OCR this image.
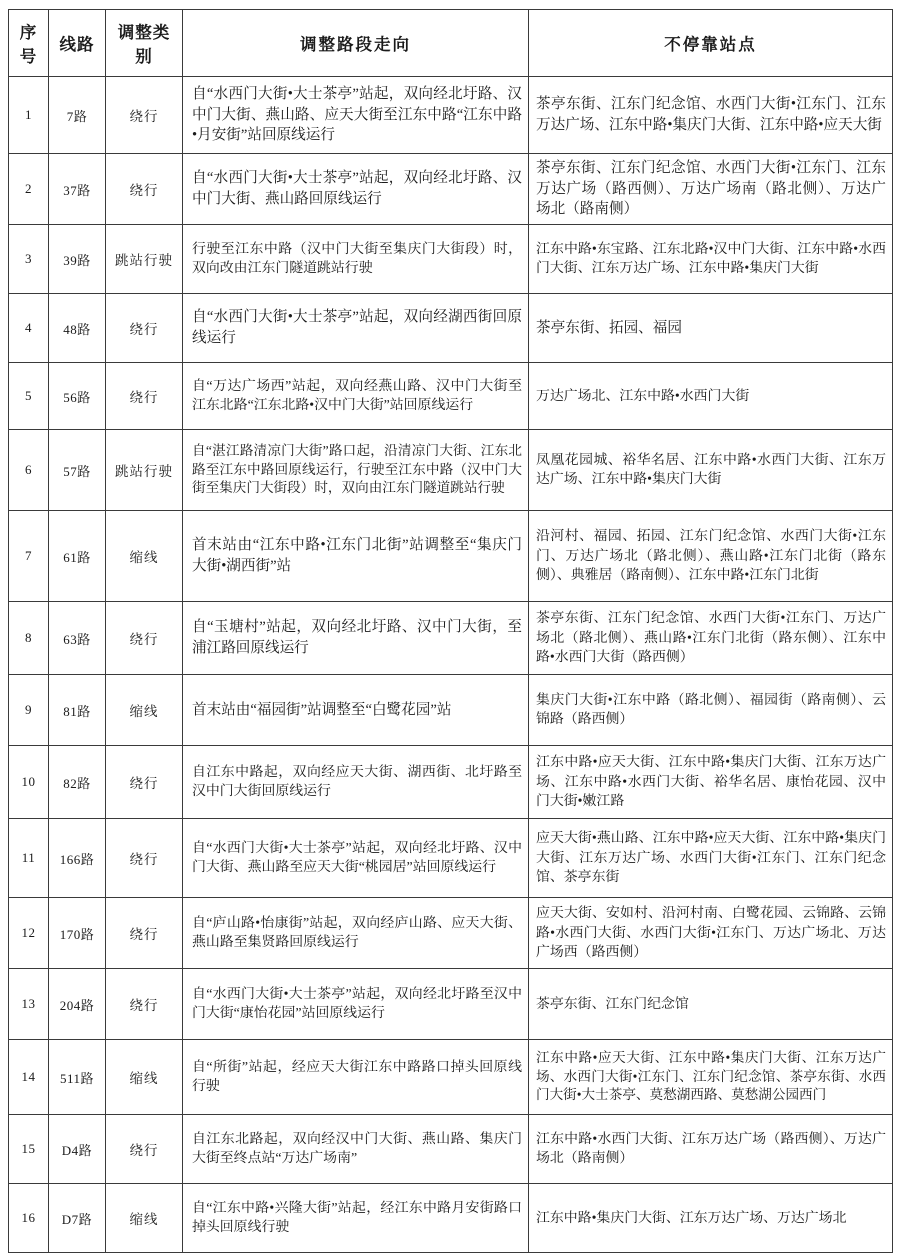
序号	线路	调整类别	调整路段走向	不停靠站点
1	7路	绕行	自“水西门大街•大士茶亭”站起，双向经北圩路、汉中门大街、燕山路、应天大街至江东中路“江东中路•月安街”站回原线运行	茶亭东街、江东门纪念馆、水西门大街•江东门、江东万达广场、江东中路•集庆门大街、江东中路•应天大街
2	37路	绕行	自“水西门大街•大士茶亭”站起，双向经北圩路、汉中门大街、燕山路回原线运行	茶亭东街、江东门纪念馆、水西门大街•江东门、江东万达广场（路西侧）、万达广场南（路北侧）、万达广场北（路南侧）
3	39路	跳站行驶	行驶至江东中路（汉中门大街至集庆门大街段）时，双向改由江东门隧道跳站行驶	江东中路•东宝路、江东北路•汉中门大街、江东中路•水西门大街、江东万达广场、江东中路•集庆门大街
4	48路	绕行	自“水西门大街•大士茶亭”站起，双向经湖西街回原线运行	茶亭东街、拓园、福园
5	56路	绕行	自“万达广场西”站起，双向经燕山路、汉中门大街至江东北路“江东北路•汉中门大街”站回原线运行	万达广场北、江东中路•水西门大街
6	57路	跳站行驶	自“湛江路清凉门大街”路口起，沿清凉门大街、江东北路至江东中路回原线运行，行驶至江东中路（汉中门大街至集庆门大街段）时，双向由江东门隧道跳站行驶	凤凰花园城、裕华名居、江东中路•水西门大街、江东万达广场、江东中路•集庆门大街
7	61路	缩线	首末站由“江东中路•江东门北街”站调整至“集庆门大街•湖西街”站	沿河村、福园、拓园、江东门纪念馆、水西门大街•江东门、万达广场北（路北侧）、燕山路•江东门北街（路东侧）、典雅居（路南侧）、江东中路•江东门北街
8	63路	绕行	自“玉塘村”站起，双向经北圩路、汉中门大街，至浦江路回原线运行	茶亭东街、江东门纪念馆、水西门大街•江东门、万达广场北（路北侧）、燕山路•江东门北街（路东侧）、江东中路•水西门大街（路西侧）
9	81路	缩线	首末站由“福园街”站调整至“白鹭花园”站	集庆门大街•江东中路（路北侧）、福园街（路南侧）、云锦路（路西侧）
10	82路	绕行	自江东中路起，双向经应天大街、湖西街、北圩路至汉中门大街回原线运行	江东中路•应天大街、江东中路•集庆门大街、江东万达广场、江东中路•水西门大街、裕华名居、康怡花园、汉中门大街•嫩江路
11	166路	绕行	自“水西门大街•大士茶亭”站起，双向经北圩路、汉中门大街、燕山路至应天大街“桃园居”站回原线运行	应天大街•燕山路、江东中路•应天大街、江东中路•集庆门大街、江东万达广场、水西门大街•江东门、江东门纪念馆、茶亭东街
12	170路	绕行	自“庐山路•怡康街”站起，双向经庐山路、应天大街、燕山路至集贤路回原线运行	应天大街、安如村、沿河村南、白鹭花园、云锦路、云锦路•水西门大街、水西门大街•江东门、万达广场北、万达广场西（路西侧）
13	204路	绕行	自“水西门大街•大士茶亭”站起，双向经北圩路至汉中门大街“康怡花园”站回原线运行	茶亭东街、江东门纪念馆
14	511路	缩线	自“所街”站起，经应天大街江东中路路口掉头回原线行驶	江东中路•应天大街、江东中路•集庆门大街、江东万达广场、水西门大街•江东门、江东门纪念馆、茶亭东街、水西门大街•大士茶亭、莫愁湖西路、莫愁湖公园西门
15	D4路	绕行	自江东北路起，双向经汉中门大街、燕山路、集庆门大街至终点站“万达广场南”	江东中路•水西门大街、江东万达广场（路西侧）、万达广场北（路南侧）
16	D7路	缩线	自“江东中路•兴隆大街”站起，经江东中路月安街路口掉头回原线行驶	江东中路•集庆门大街、江东万达广场、万达广场北
